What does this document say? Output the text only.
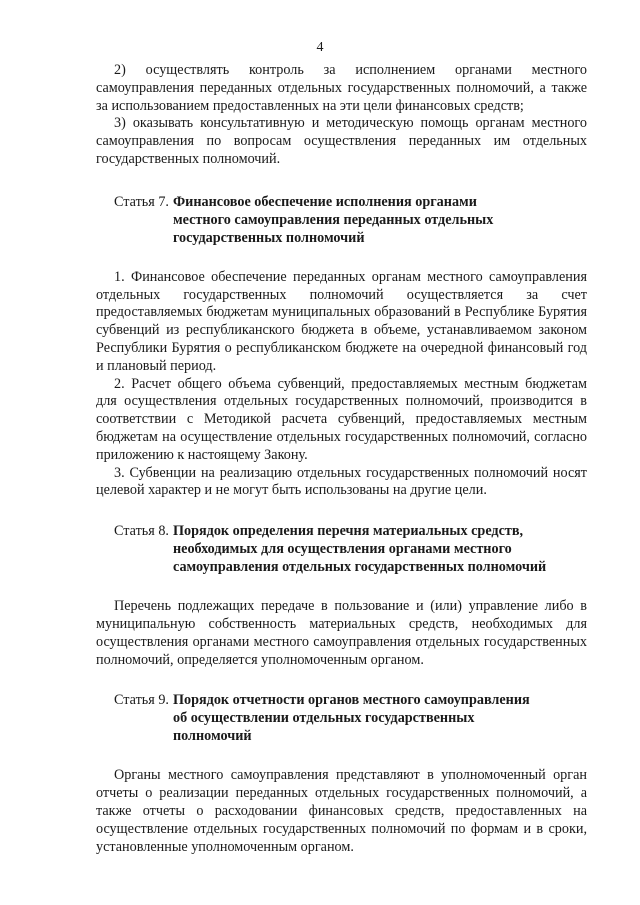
4

2) осуществлять контроль за исполнением органами местного самоуправления переданных отдельных государственных полномочий, а также за использованием предоставленных на эти цели финансовых средств;

3) оказывать консультативную и методическую помощь органам местного самоуправления по вопросам осуществления переданных им отдельных государственных полномочий.

Статья 7. Финансовое обеспечение исполнения органами
местного самоуправления переданных отдельных
государственных полномочий

1. Финансовое обеспечение переданных органам местного самоуправления отдельных государственных полномочий осуществляется за счет предоставляемых бюджетам муниципальных образований в Республике Бурятия субвенций из республиканского бюджета в объеме, устанавливаемом законом Республики Бурятия о республиканском бюджете на очередной финансовый год и плановый период.

2. Расчет общего объема субвенций, предоставляемых местным бюджетам для осуществления отдельных государственных полномочий, производится в соответствии с Методикой расчета субвенций, предоставляемых местным бюджетам на осуществление отдельных государственных полномочий, согласно приложению к настоящему Закону.

3. Субвенции на реализацию отдельных государственных полномочий носят целевой характер и не могут быть использованы на другие цели.

Статья 8. Порядок определения перечня материальных средств,
необходимых для осуществления органами местного
самоуправления отдельных государственных полномочий

Перечень подлежащих передаче в пользование и (или) управление либо в муниципальную собственность материальных средств, необходимых для осуществления органами местного самоуправления отдельных государственных полномочий, определяется уполномоченным органом.

Статья 9. Порядок отчетности органов местного самоуправления
об осуществлении отдельных государственных
полномочий

Органы местного самоуправления представляют в уполномоченный орган отчеты о реализации переданных отдельных государственных полномочий, а также отчеты о расходовании финансовых средств, предоставленных на осуществление отдельных государственных полномочий по формам и в сроки, установленные уполномоченным органом.
